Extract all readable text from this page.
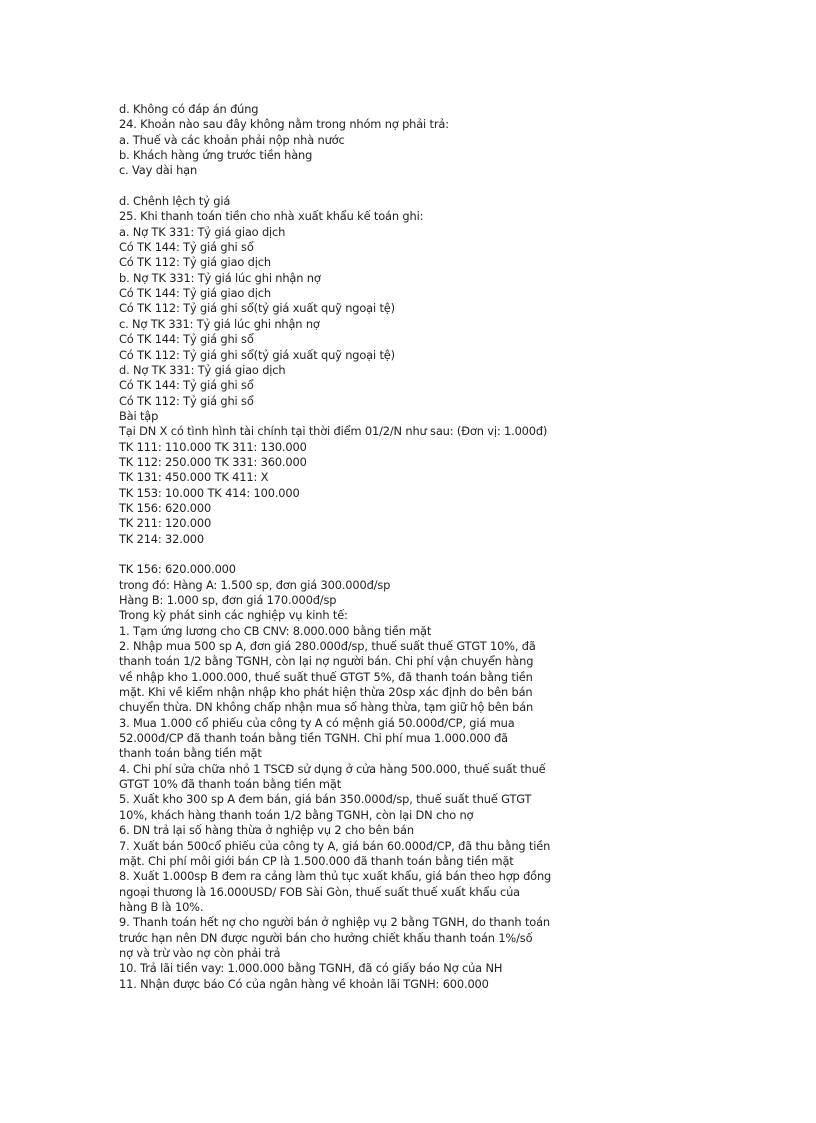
d. Không có đáp án đúng
24. Khoản nào sau đây không nằm trong nhóm nợ phải trả:
a. Thuế và các khoản phải nộp nhà nước
b. Khách hàng ứng trước tiền hàng
c. Vay dài hạn
d. Chênh lệch tỷ giá
25. Khi thanh toán tiền cho nhà xuất khẩu kế toán ghi:
a. Nợ TK 331: Tỷ giá giao dịch
Có TK 144: Tỷ giá ghi sổ
Có TK 112: Tỷ giá giao dịch
b. Nợ TK 331: Tỷ giá lúc ghi nhận nợ
Có TK 144: Tỷ giá giao dịch
Có TK 112: Tỷ giá ghi sổ(tỷ giá xuất quỹ ngoại tệ)
c. Nợ TK 331: Tỷ giá lúc ghi nhận nợ
Có TK 144: Tỷ giá ghi sổ
Có TK 112: Tỷ giá ghi sổ(tỷ giá xuất quỹ ngoại tệ)
d. Nợ TK 331: Tỷ giá giao dịch
Có TK 144: Tỷ giá ghi sổ
Có TK 112: Tỷ giá ghi sổ
Bài tập
Tại DN X có tình hình tài chính tại thời điểm 01/2/N như sau: (Đơn vị: 1.000đ)
TK 111: 110.000 TK 311: 130.000
TK 112: 250.000 TK 331: 360.000
TK 131: 450.000 TK 411: X
TK 153: 10.000 TK 414: 100.000
TK 156: 620.000
TK 211: 120.000
TK 214: 32.000
TK 156: 620.000.000
trong đó: Hàng A: 1.500 sp, đơn giá 300.000đ/sp
Hàng B: 1.000 sp, đơn giá 170.000đ/sp
Trong kỳ phát sinh các nghiệp vụ kinh tế:
1. Tạm ứng lương cho CB CNV: 8.000.000 bằng tiền mặt
2. Nhập mua 500 sp A, đơn giá 280.000đ/sp, thuế suất thuế GTGT 10%, đã
thanh toán 1/2 bằng TGNH, còn lại nợ người bán. Chi phí vận chuyển hàng
về nhập kho 1.000.000, thuế suất thuế GTGT 5%, đã thanh toán bằng tiền
mặt. Khi về kiểm nhận nhập kho phát hiện thừa 20sp xác định do bên bán
chuyển thừa. DN không chấp nhận mua số hàng thừa, tạm giữ hộ bên bán
3. Mua 1.000 cổ phiếu của công ty A có mệnh giá 50.000đ/CP, giá mua
52.000đ/CP đã thanh toán bằng tiền TGNH. Chi phí mua 1.000.000 đã
thanh toán bằng tiền mặt
4. Chi phí sửa chữa nhỏ 1 TSCĐ sử dụng ở cửa hàng 500.000, thuế suất thuế
GTGT 10% đã thanh toán bằng tiền mặt
5. Xuất kho 300 sp A đem bán, giá bán 350.000đ/sp, thuế suất thuế GTGT
10%, khách hàng thanh toán 1/2 bằng TGNH, còn lại DN cho nợ
6. DN trả lại số hàng thừa ở nghiệp vụ 2 cho bên bán
7. Xuất bán 500cổ phiếu của công ty A, giá bán 60.000đ/CP, đã thu bằng tiền
mặt. Chi phí môi giới bán CP là 1.500.000 đã thanh toán bằng tiền mặt
8. Xuất 1.000sp B đem ra cảng làm thủ tục xuất khẩu, giá bán theo hợp đồng
ngoại thương là 16.000USD/ FOB Sài Gòn, thuế suất thuế xuất khẩu của
hàng B là 10%.
9. Thanh toán hết nợ cho người bán ở nghiệp vụ 2 bằng TGNH, do thanh toán
trước hạn nên DN được người bán cho hưởng chiết khấu thanh toán 1%/số
nợ và trừ vào nợ còn phải trả
10. Trả lãi tiền vay: 1.000.000 bằng TGNH, đã có giấy báo Nợ của NH
11. Nhận được báo Có của ngân hàng về khoản lãi TGNH: 600.000
